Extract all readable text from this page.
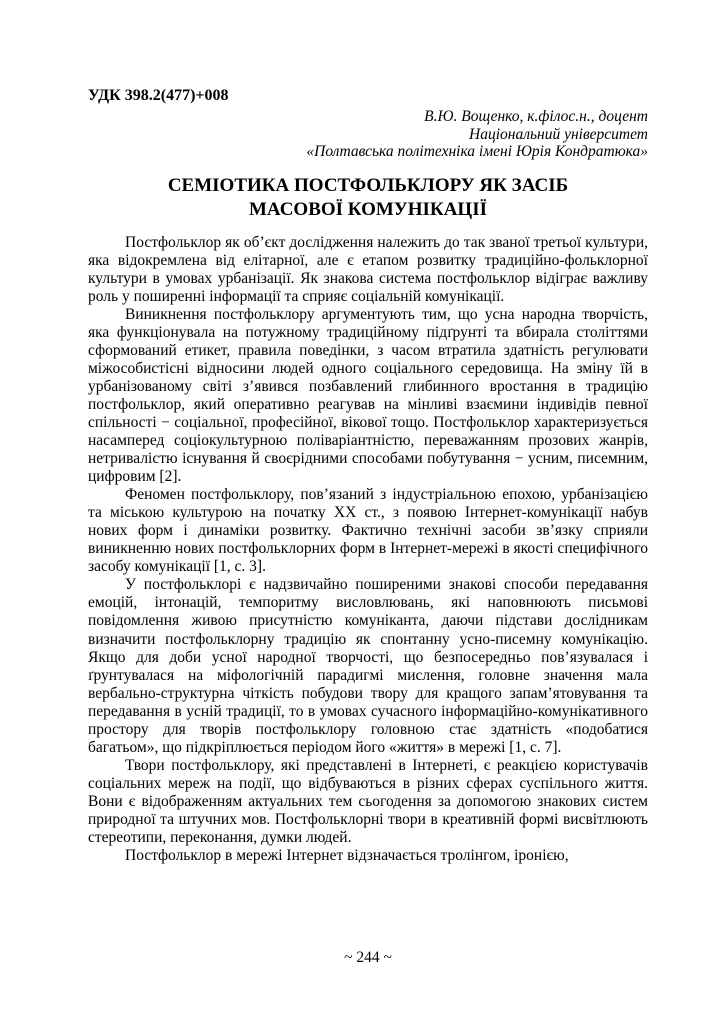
УДК 398.2(477)+008
В.Ю. Вощенко, к.філос.н., доцент
Національний університет
«Полтавська політехніка імені Юрія Кондратюка»
СЕМІОТИКА ПОСТФОЛЬКЛОРУ ЯК ЗАСІБ
МАСОВОЇ КОМУНІКАЦІЇ

Постфольклор як об’єкт дослідження належить до так званої третьої культури, яка відокремлена від елітарної, але є етапом розвитку традиційно-фольклорної культури в умовах урбанізації. Як знакова система постфольклор відіграє важливу роль у поширенні інформації та сприяє соціальній комунікації.

Виникнення постфольклору аргументують тим, що усна народна творчість, яка функціонувала на потужному традиційному підґрунті та вбирала століттями сформований етикет, правила поведінки, з часом втратила здатність регулювати міжособистісні відносини людей одного соціального середовища. На зміну їй в урбанізованому світі з’явився позбавлений глибинного вростання в традицію постфольклор, який оперативно реагував на мінливі взаємини індивідів певної спільності − соціальної, професійної, вікової тощо. Постфольклор характеризується насамперед соціокультурною поліваріантністю, переважанням прозових жанрів, нетривалістю існування й своєрідними способами побутування − усним, писемним, цифровим [2].

Феномен постфольклору, пов’язаний з індустріальною епохою, урбанізацією та міською культурою на початку ХХ ст., з появою Інтернет-комунікації набув нових форм і динаміки розвитку. Фактично технічні засоби зв’язку сприяли виникненню нових постфольклорних форм в Інтернет-мережі в якості специфічного засобу комунікації [1, с. 3].

У постфольклорі є надзвичайно поширеними знакові способи передавання емоцій, інтонацій, темпоритму висловлювань, які наповнюють письмові повідомлення живою присутністю комуніканта, даючи підстави дослідникам визначити постфольклорну традицію як спонтанну усно-писемну комунікацію. Якщо для доби усної народної творчості, що безпосередньо пов’язувалася і ґрунтувалася на міфологічній парадигмі мислення, головне значення мала вербально-структурна чіткість побудови твору для кращого запам’ятовування та передавання в усній традиції, то в умовах сучасного інформаційно-комунікативного простору для творів постфольклору головною стає здатність «подобатися багатьом», що підкріплюється періодом його «життя» в мережі [1, с. 7].

Твори постфольклору, які представлені в Інтернеті, є реакцією користувачів соціальних мереж на події, що відбуваються в різних сферах суспільного життя. Вони є відображенням актуальних тем сьогодення за допомогою знакових систем природної та штучних мов. Постфольклорні твори в креативній формі висвітлюють стереотипи, переконання, думки людей.

Постфольклор в мережі Інтернет відзначається тролінгом, іронією,

~ 244 ~
